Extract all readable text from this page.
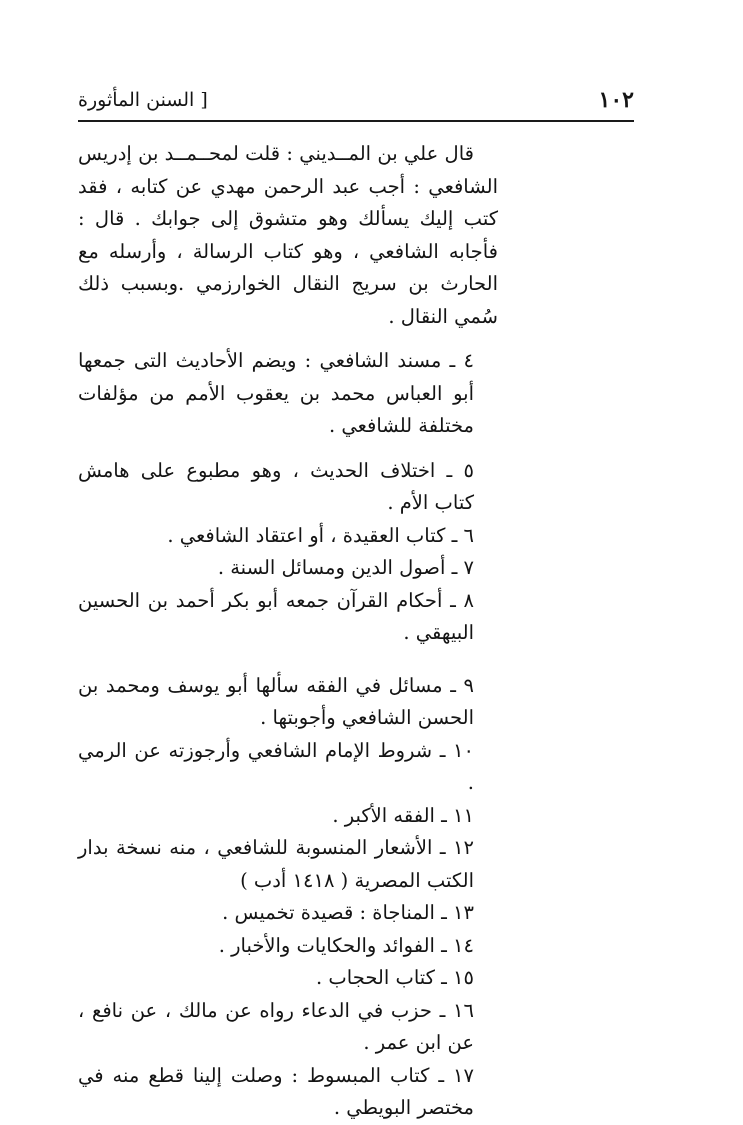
[ السنن المأثورة	١٠٢

قال علي بن المــديني : قلت لمحــمــد بن إدريس الشافعي : أجب عبد الرحمن مهدي عن كتابه ، فقد كتب إليك يسألك وهو متشوق إلى جوابك . قال : فأجابه الشافعي ، وهو كتاب الرسالة ، وأرسله مع الحارث بن سريج النقال الخوارزمي .وبسبب ذلك سُمي النقال .

٤ ـ مسند الشافعي : ويضم الأحاديث التى جمعها أبو العباس محمد بن يعقوب الأمم من مؤلفات مختلفة للشافعي .

٥ ـ اختلاف الحديث ، وهو مطبوع على هامش كتاب الأم .

٦ ـ كتاب العقيدة ، أو اعتقاد الشافعي .

٧ ـ أصول الدين ومسائل السنة .

٨ ـ أحكام القرآن جمعه أبو بكر أحمد بن الحسين البيهقي .

٩ ـ مسائل في الفقه سألها أبو يوسف ومحمد بن الحسن الشافعي وأجوبتها .

١٠ ـ شروط الإمام الشافعي وأرجوزته عن الرمي .

١١ ـ الفقه الأكبر .

١٢ ـ الأشعار المنسوبة للشافعي ، منه نسخة بدار الكتب المصرية ( ١٤١٨ أدب )

١٣ ـ المناجاة : قصيدة تخميس .

١٤ ـ الفوائد والحكايات والأخبار .

١٥ ـ كتاب الحجاب .

١٦ ـ حزب في الدعاء رواه عن مالك ، عن نافع ، عن ابن عمر .

١٧ ـ كتاب المبسوط : وصلت إلينا قطع منه في مختصر البويطي .
